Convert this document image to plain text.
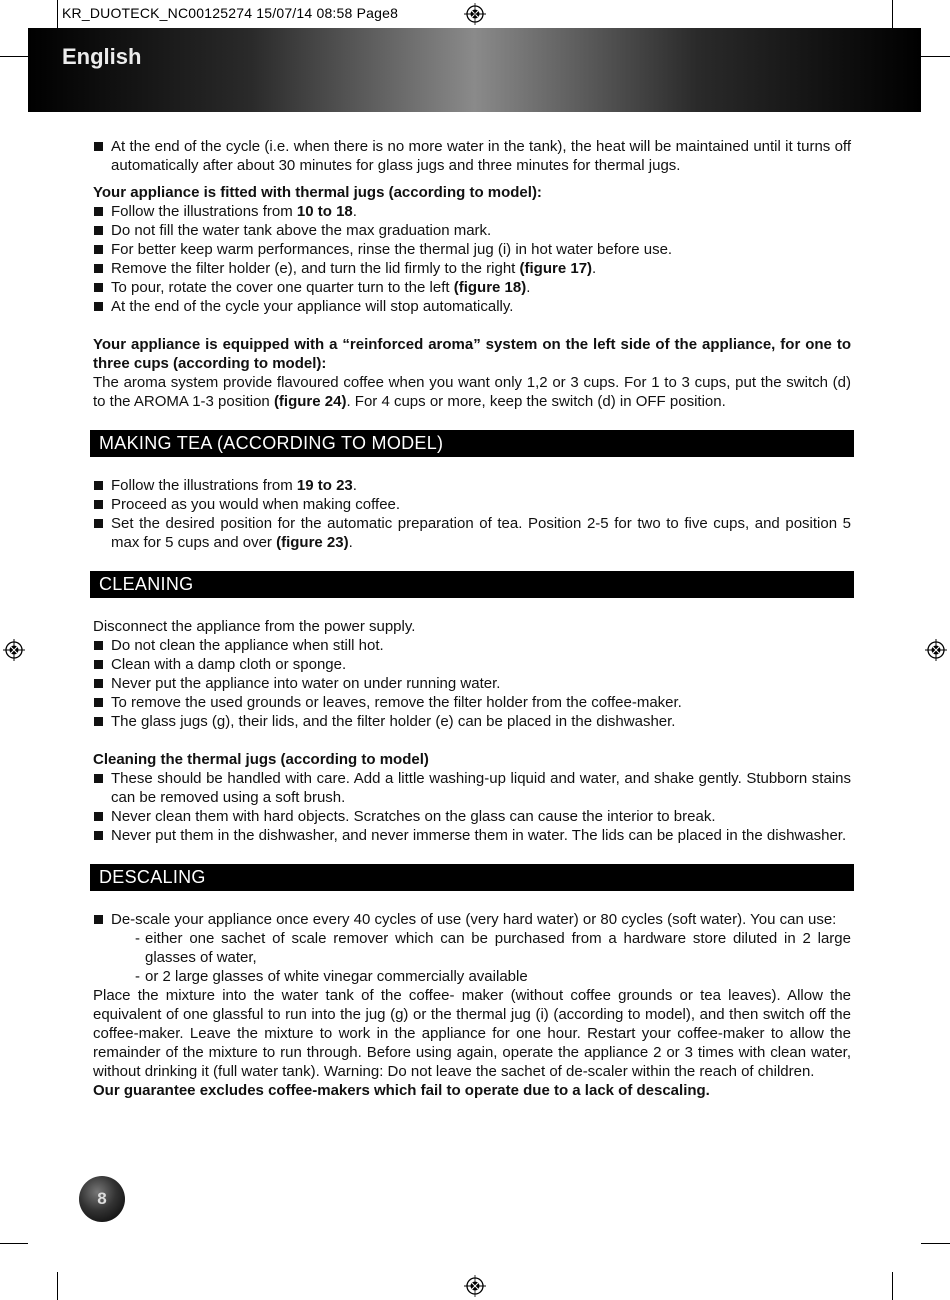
KR_DUOTECK_NC00125274 15/07/14 08:58 Page8
English
At the end of the cycle (i.e. when there is no more water in the tank), the heat will be maintained until it turns off automatically after about 30 minutes for glass jugs and three minutes for thermal jugs.
Your appliance is fitted with thermal jugs (according to model):
Follow the illustrations from 10 to 18.
Do not fill the water tank above the max graduation mark.
For better keep warm performances, rinse the thermal jug (i) in hot water before use.
Remove the filter holder (e), and turn the lid firmly to the right (figure 17).
To pour, rotate the cover one quarter turn to the left (figure 18).
At the end of the cycle your appliance will stop automatically.
Your appliance is equipped with a “reinforced aroma” system on the left side of the appliance, for one to three cups (according to model):
The aroma system provide flavoured coffee when you want only 1,2 or 3 cups. For 1 to 3 cups, put the switch (d) to the AROMA 1-3 position (figure 24). For 4 cups or more, keep the switch (d) in OFF position.
MAKING TEA (ACCORDING TO MODEL)
Follow the illustrations from 19 to 23.
Proceed as you would when making coffee.
Set the desired position for the automatic preparation of tea. Position 2-5 for two to five cups, and position 5 max for 5 cups and over (figure 23).
CLEANING
Disconnect the appliance from the power supply.
Do not clean the appliance when still hot.
Clean with a damp cloth or sponge.
Never put the appliance into water on under running water.
To remove the used grounds or leaves, remove the filter holder from the coffee-maker.
The glass jugs (g), their lids, and the filter holder (e) can be placed in the dishwasher.
Cleaning the thermal jugs (according to model)
These should be handled with care. Add a little washing-up liquid and water, and shake gently. Stubborn stains can be removed using a soft brush.
Never clean them with hard objects. Scratches on the glass can cause the interior to break.
Never put them in the dishwasher, and never immerse them in water. The lids can be placed in the dishwasher.
DESCALING
De-scale your appliance once every 40 cycles of use (very hard water) or 80 cycles (soft water). You can use:
- either one sachet of scale remover which can be purchased from a hardware store diluted in 2 large glasses of water,
- or 2 large glasses of white vinegar commercially available
Place the mixture into the water tank of the coffee- maker (without coffee grounds or tea leaves). Allow the equivalent of one glassful to run into the jug (g) or the thermal jug (i) (according to model), and then switch off the coffee-maker. Leave the mixture to work in the appliance for one hour. Restart your coffee-maker to allow the remainder of the mixture to run through. Before using again, operate the appliance 2 or 3 times with clean water, without drinking it (full water tank). Warning: Do not leave the sachet of de-scaler within the reach of children.
Our guarantee excludes coffee-makers which fail to operate due to a lack of descaling.
8
